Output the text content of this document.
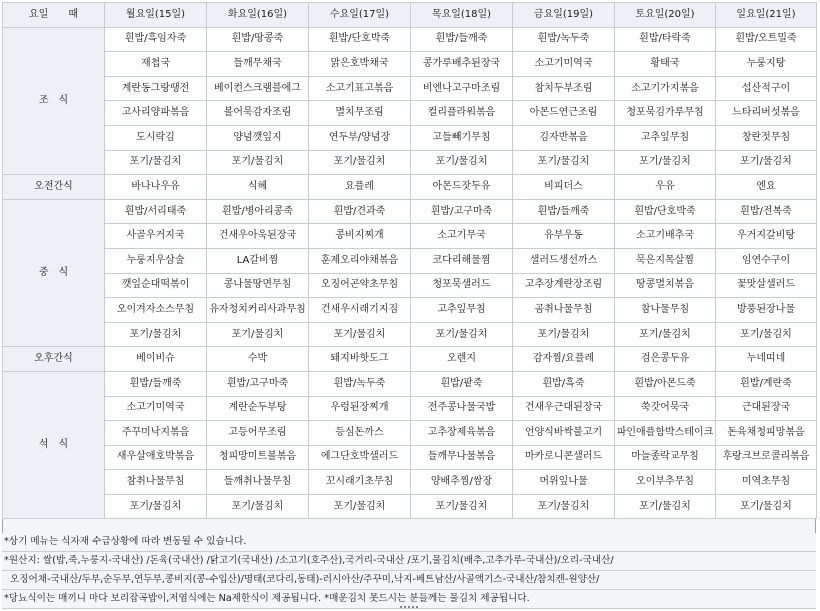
요일　　때	월요일(15일)	화요일(16일)	수요일(17일)	목요일(18일)	금요일(19일)	토요일(20일)	일요일(21일)
조　식	흰밥/흑임자죽	흰밥/땅콩죽	흰밥/단호박죽	흰밥/들깨죽	흰밥/녹두죽	흰밥/타락죽	흰밥/오트밀죽
	재첩국	들깨무채국	맑은호박채국	콩가루배추된장국	소고기미역국	황태국	누룽지탕
	계란동그랑땡전	베이컨스크램블에그	소고기표고볶음	비엔나고구마조림	참치두부조림	소고기가지볶음	섭산적구이
	고사리양파볶음	볼어묵감자조림	멸치무조림	컬리플라워볶음	아몬드연근조림	청포묵김가루무침	느타리버섯볶음
	도시락김	양념깻잎지	연두부/양념장	고들빼기무침	김자반볶음	고추잎무침	창란젓무침
	포기/물김치	포기/물김치	포기/물김치	포기/물김치	포기/물김치	포기/물김치	포기/물김치
오전간식	바나나우유	식혜	요플레	아몬드잣두유	비피더스	우유	엔요
중　식	흰밥/서리태죽	흰밥/병아리콩죽	흰밥/견과죽	흰밥/고구마죽	흰밥/들깨죽	흰밥/단호박죽	흰밥/전복죽
	사골우거지국	건새우아욱된장국	콩비지찌개	소고기무국	유부우동	소고기배추국	우거지갈비탕
	누룽지우삼술	LA갈비찜	훈제오리야채볶음	코다리해물찜	샐러드생선까스	묵은지목살찜	임연수구이
	깻잎순대떡볶이	콩나물땅면무침	오징어곤약초무침	청포묵샐러드	고추장계란장조림	땅콩멸치볶음	꽃맛살샐러드
	오이겨자소스무침	유자청치커리사과무침	건새우시래기지짐	고추잎무침	곰취나물무침	참나물무침	방풍된장나물
	포기/물김치	포기/물김치	포기/물김치	포기/물김치	포기/물김치	포기/물김치	포기/물김치
오후간식	베이비슈	수박	돼지바핫도그	오렌지	감자찜/요플레	검은콩두유	누네띠네
석　식	흰밥/들깨죽	흰밥/고구마죽	흰밥/녹두죽	흰밥/팥죽	흰밥/흑죽	흰밥/아몬드죽	흰밥/계란죽
	소고기미역국	계란순두부탕	우렁된장찌개	전주콩나물국밥	건새우근대된장국	쑥갓어묵국	근대된장국
	주꾸미낙지볶음	고등어무조림	등심돈까스	고추장제육볶음	언양식바싹불고기	파인애플함박스테이크	돈육채청피망볶음
	새우살애호박볶음	청피망미트볼볶음	에그단호박샐러드	들깨무나물볶음	마카로니콘샐러드	마늘종락교무침	후랑크브로콜리볶음
	참취나물무침	들깨취나물무침	꼬시래기초무침	양배추찜/쌈장	머위잎나물	오이부추무침	미역초무침
	포기/물김치	포기/물김치	포기/물김치	포기/물김치	포기/물김치	포기/물김치	포기/물김치
*상기 메뉴는 식자재 수급상황에 따라 변동될 수 있습니다.
*원산지: 쌀(밥,죽,누룽지-국내산) /돈육(국내산) /닭고기(국내산) /소고기(호주산),국거리-국내산 /포기,물김치(배추,고추가루-국내산)/오리-국내산/
오징어채-국내산/두부,순두부,연두부,콩비지(콩-수입산)/명태(코다리,동태)-러시아산/주꾸미,낙지-베트남산/사골액기스-국내산/참치캔-원양산/
*당뇨식이는 매끼니 마다 보리잡곡밥이,저염식에는 Na제한식이 제공됩니다. *매운김치 못드시는 분들께는 물김치 제공됩니다.
